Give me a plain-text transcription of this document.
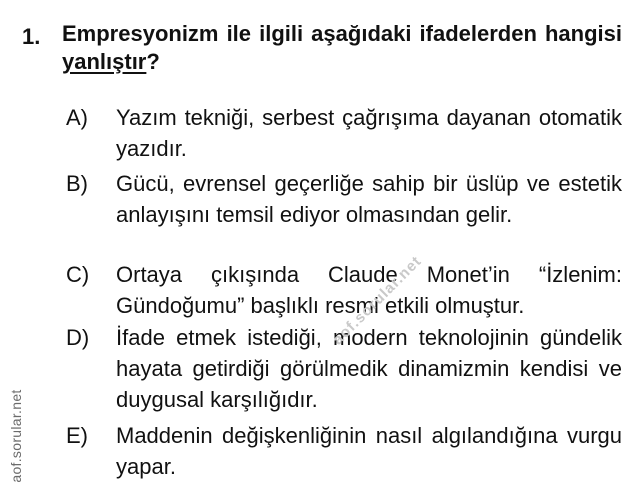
1. Empresyonizm ile ilgili aşağıdaki ifadelerden hangisi yanlıştır?
A)	Yazım tekniği, serbest çağrışıma dayanan otomatik yazıdır.
B)	Gücü, evrensel geçerliğe sahip bir üslüp ve estetik anlayışını temsil ediyor olmasından gelir.
C)	Ortaya çıkışında Claude Monet’in “İzlenim: Gündoğumu” başlıklı resmi etkili olmuştur.
D)	İfade etmek istediği, modern teknolojinin gündelik hayata getirdiği görülmedik dinamizmin kendisi ve duygusal karşılığıdır.
E)	Maddenin değişkenliğinin nasıl algılandığına vurgu yapar.
aof.sorular.net
aof.sorular.net
